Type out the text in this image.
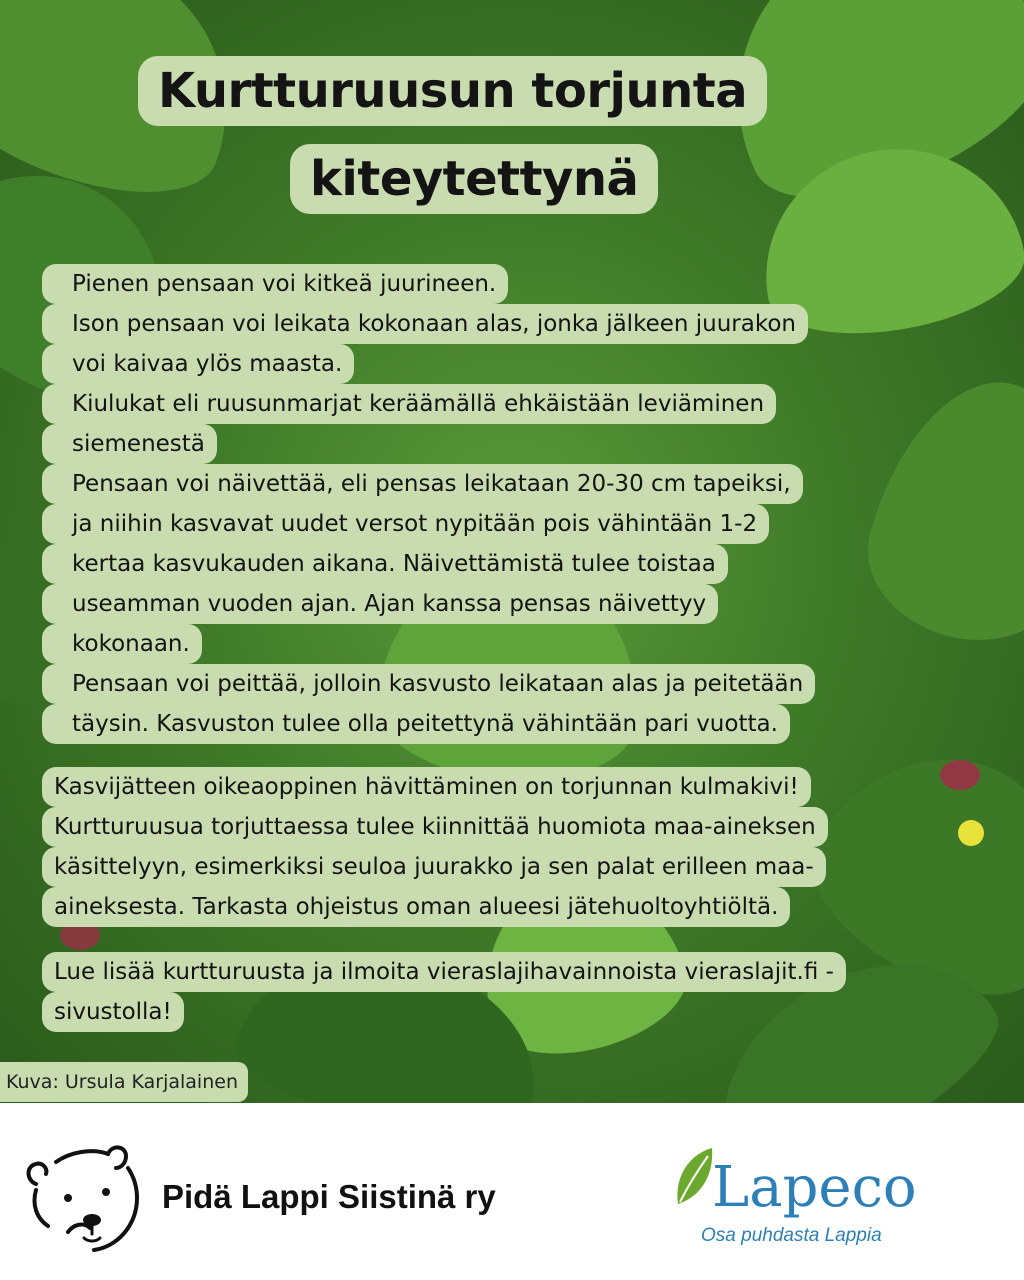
Kurtturuusun torjunta
kiteytettynä
Pienen pensaan voi kitkeä juurineen.
Ison pensaan voi leikata kokonaan alas, jonka jälkeen juurakon
voi kaivaa ylös maasta.
Kiulukat eli ruusunmarjat keräämällä ehkäistään leviäminen
siemenestä
Pensaan voi näivettää, eli pensas leikataan 20-30 cm tapeiksi,
ja niihin kasvavat uudet versot nypitään pois vähintään 1-2
kertaa kasvukauden aikana. Näivettämistä tulee toistaa
useamman vuoden ajan. Ajan kanssa pensas näivettyy
kokonaan.
Pensaan voi peittää, jolloin kasvusto leikataan alas ja peitetään
täysin. Kasvuston tulee olla peitettynä vähintään pari vuotta.
Kasvijätteen oikeaoppinen hävittäminen on torjunnan kulmakivi!
Kurtturuusua torjuttaessa tulee kiinnittää huomiota maa-aineksen
käsittelyyn, esimerkiksi seuloa juurakko ja sen palat erilleen maa-
aineksesta. Tarkasta ohjeistus oman alueesi jätehuoltoyhtiöltä.
Lue lisää kurtturuusta ja ilmoita vieraslajihavainnoista vieraslajit.fi -
sivustolla!
Kuva: Ursula Karjalainen
Pidä Lappi Siistinä ry	Lapeco
Osa puhdasta Lappia
